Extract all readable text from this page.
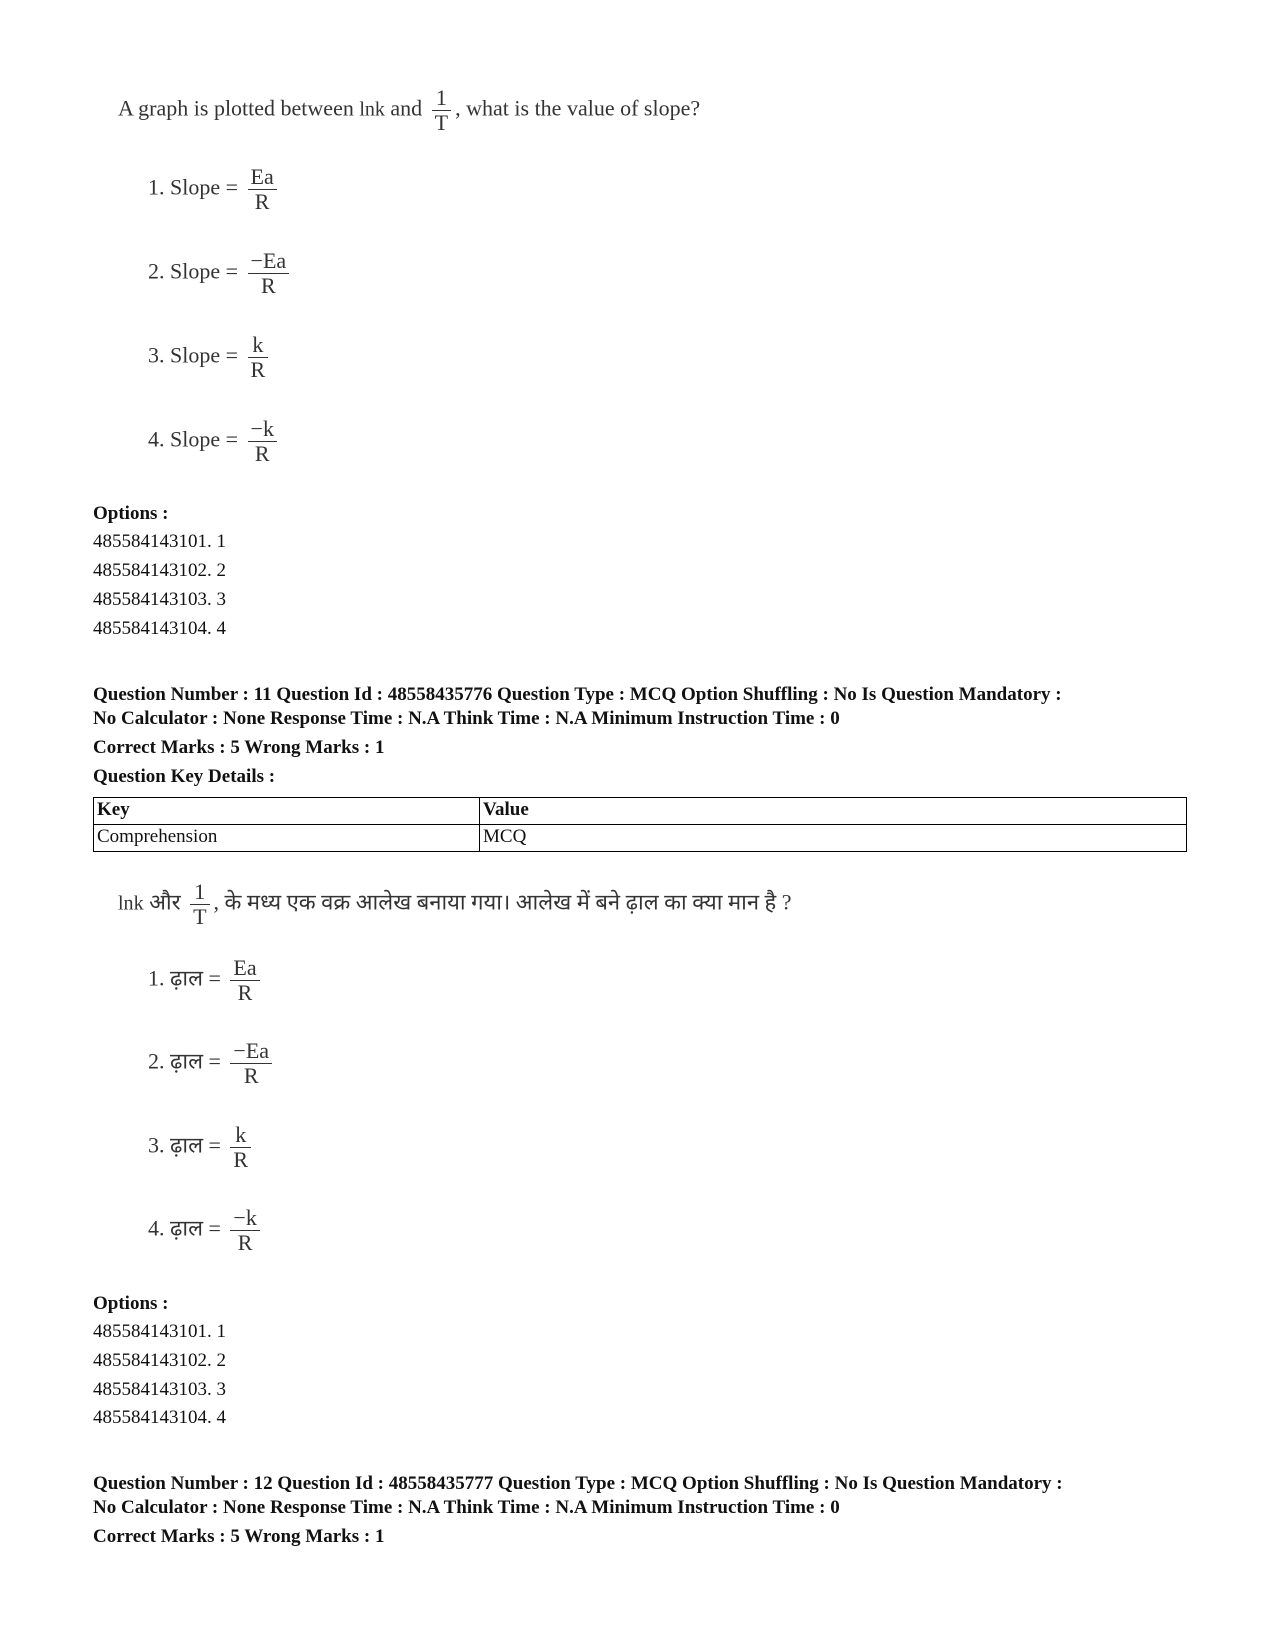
A graph is plotted between lnk and $\frac{1}{T}$ , what is the value of slope?
1. Slope = $\frac{Ea}{R}$
2. Slope = $\frac{-Ea}{R}$
3. Slope = $\frac{k}{R}$
4. Slope = $\frac{-k}{R}$
Options :
485584143101. 1
485584143102. 2
485584143103. 3
485584143104. 4
Question Number : 11 Question Id : 48558435776 Question Type : MCQ Option Shuffling : No Is Question Mandatory :
No Calculator : None Response Time : N.A Think Time : N.A Minimum Instruction Time : 0
Correct Marks : 5 Wrong Marks : 1
Question Key Details :
Key	Value
Comprehension	MCQ
lnk और $\frac{1}{T}$ , के मध्य एक वक्र आलेख बनाया गया। आलेख में बने ढ़ाल का क्या मान है ?
1. ढ़ाल = $\frac{Ea}{R}$
2. ढ़ाल = $\frac{-Ea}{R}$
3. ढ़ाल = $\frac{k}{R}$
4. ढ़ाल = $\frac{-k}{R}$
Options :
485584143101. 1
485584143102. 2
485584143103. 3
485584143104. 4
Question Number : 12 Question Id : 48558435777 Question Type : MCQ Option Shuffling : No Is Question Mandatory :
No Calculator : None Response Time : N.A Think Time : N.A Minimum Instruction Time : 0
Correct Marks : 5 Wrong Marks : 1
